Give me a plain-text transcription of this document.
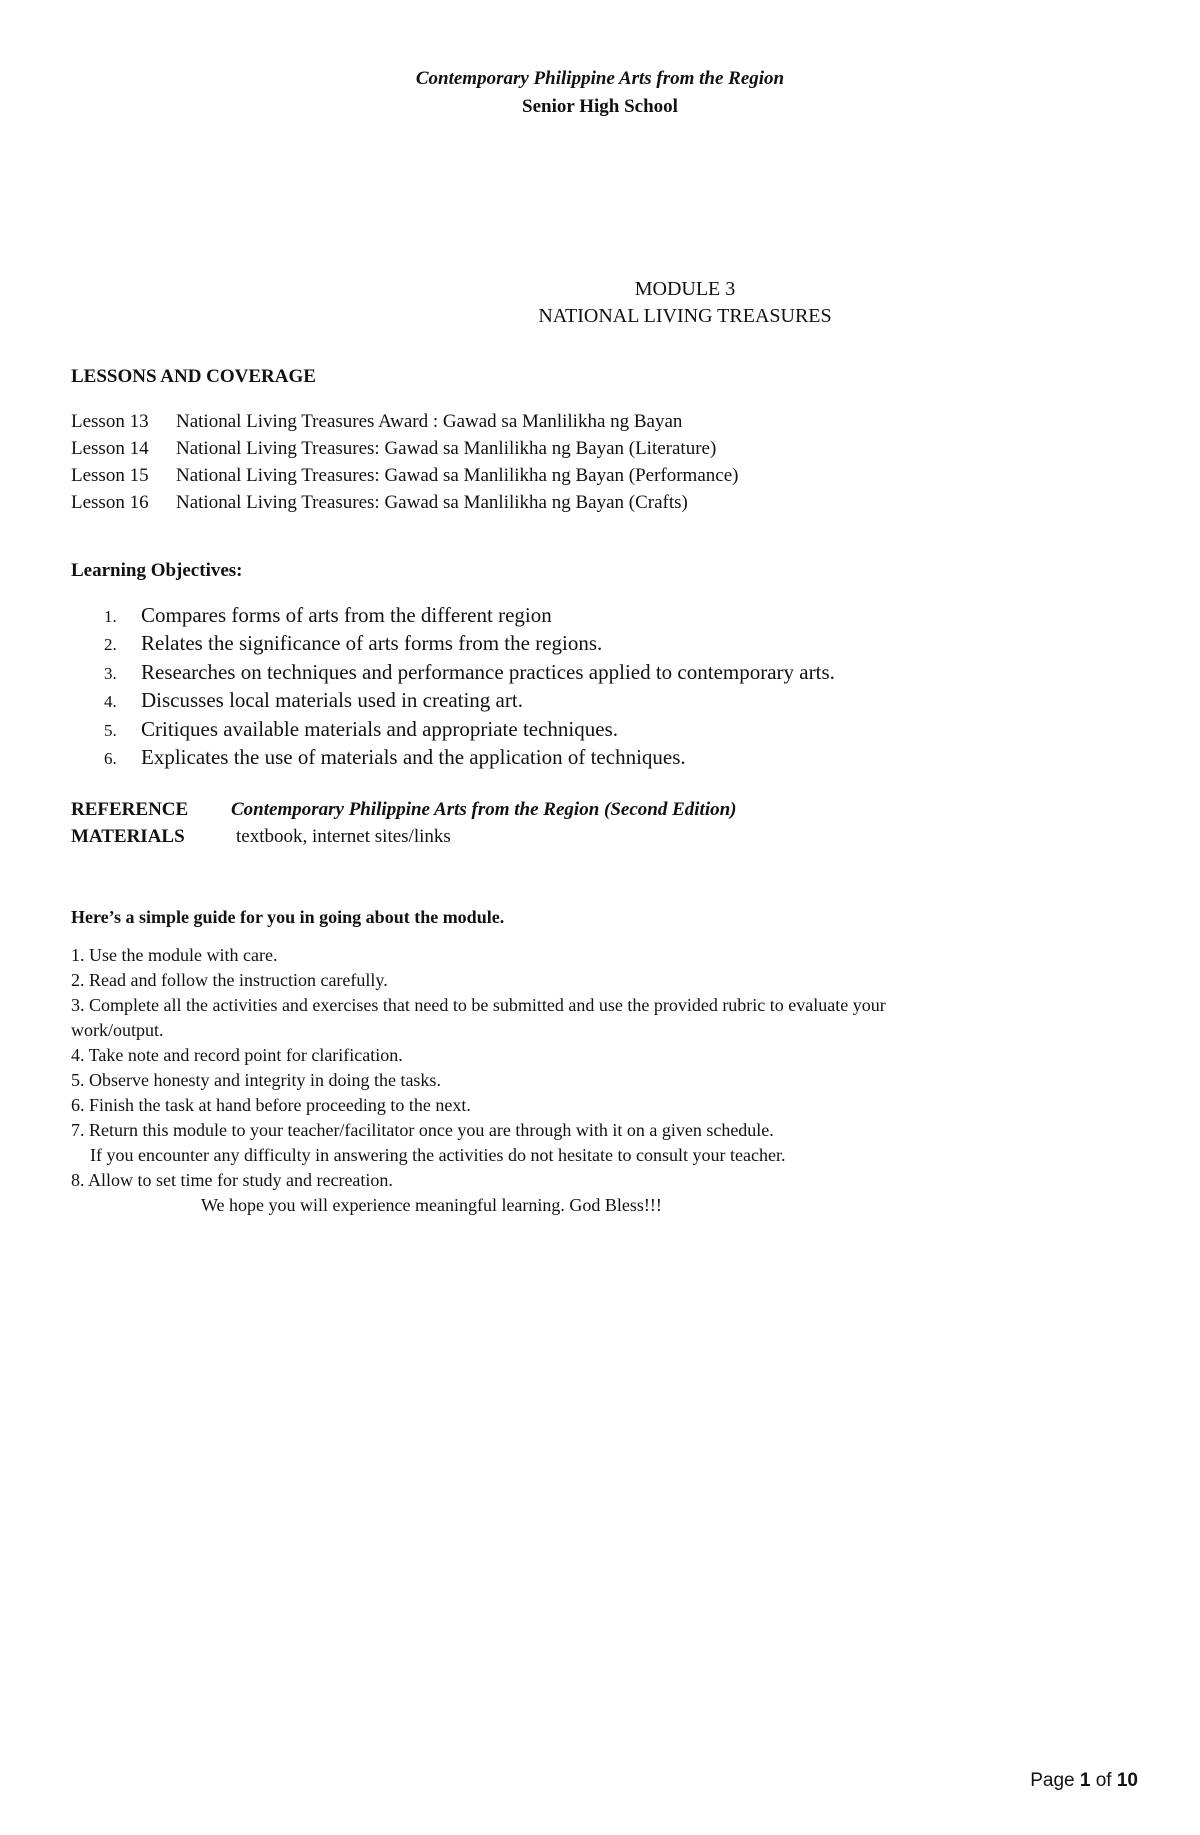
Contemporary Philippine Arts from the Region
Senior High School
MODULE 3
NATIONAL LIVING TREASURES
LESSONS AND COVERAGE
Lesson 13 National Living Treasures Award : Gawad sa Manlilikha ng Bayan
Lesson 14 National Living Treasures: Gawad sa Manlilikha ng Bayan (Literature)
Lesson 15 National Living Treasures: Gawad sa Manlilikha ng Bayan (Performance)
Lesson 16 National Living Treasures: Gawad sa Manlilikha ng Bayan (Crafts)
Learning Objectives:
1. Compares forms of arts from the different region
2. Relates the significance of arts forms from the regions.
3. Researches on techniques and performance practices applied to contemporary arts.
4. Discusses local materials used in creating art.
5. Critiques available materials and appropriate techniques.
6. Explicates the use of materials and the application of techniques.
REFERENCE Contemporary Philippine Arts from the Region (Second Edition)
MATERIALS	textbook, internet sites/links
Here’s a simple guide for you in going about the module.
1. Use the module with care.
2. Read and follow the instruction carefully.
3. Complete all the activities and exercises that need to be submitted and use the provided rubric to evaluate your
work/output.
4. Take note and record point for clarification.
5. Observe honesty and integrity in doing the tasks.
6. Finish the task at hand before proceeding to the next.
7. Return this module to your teacher/facilitator once you are through with it on a given schedule.
If you encounter any difficulty in answering the activities do not hesitate to consult your teacher.
8. Allow to set time for study and recreation.
We hope you will experience meaningful learning. God Bless!!!
Page 1 of 10
